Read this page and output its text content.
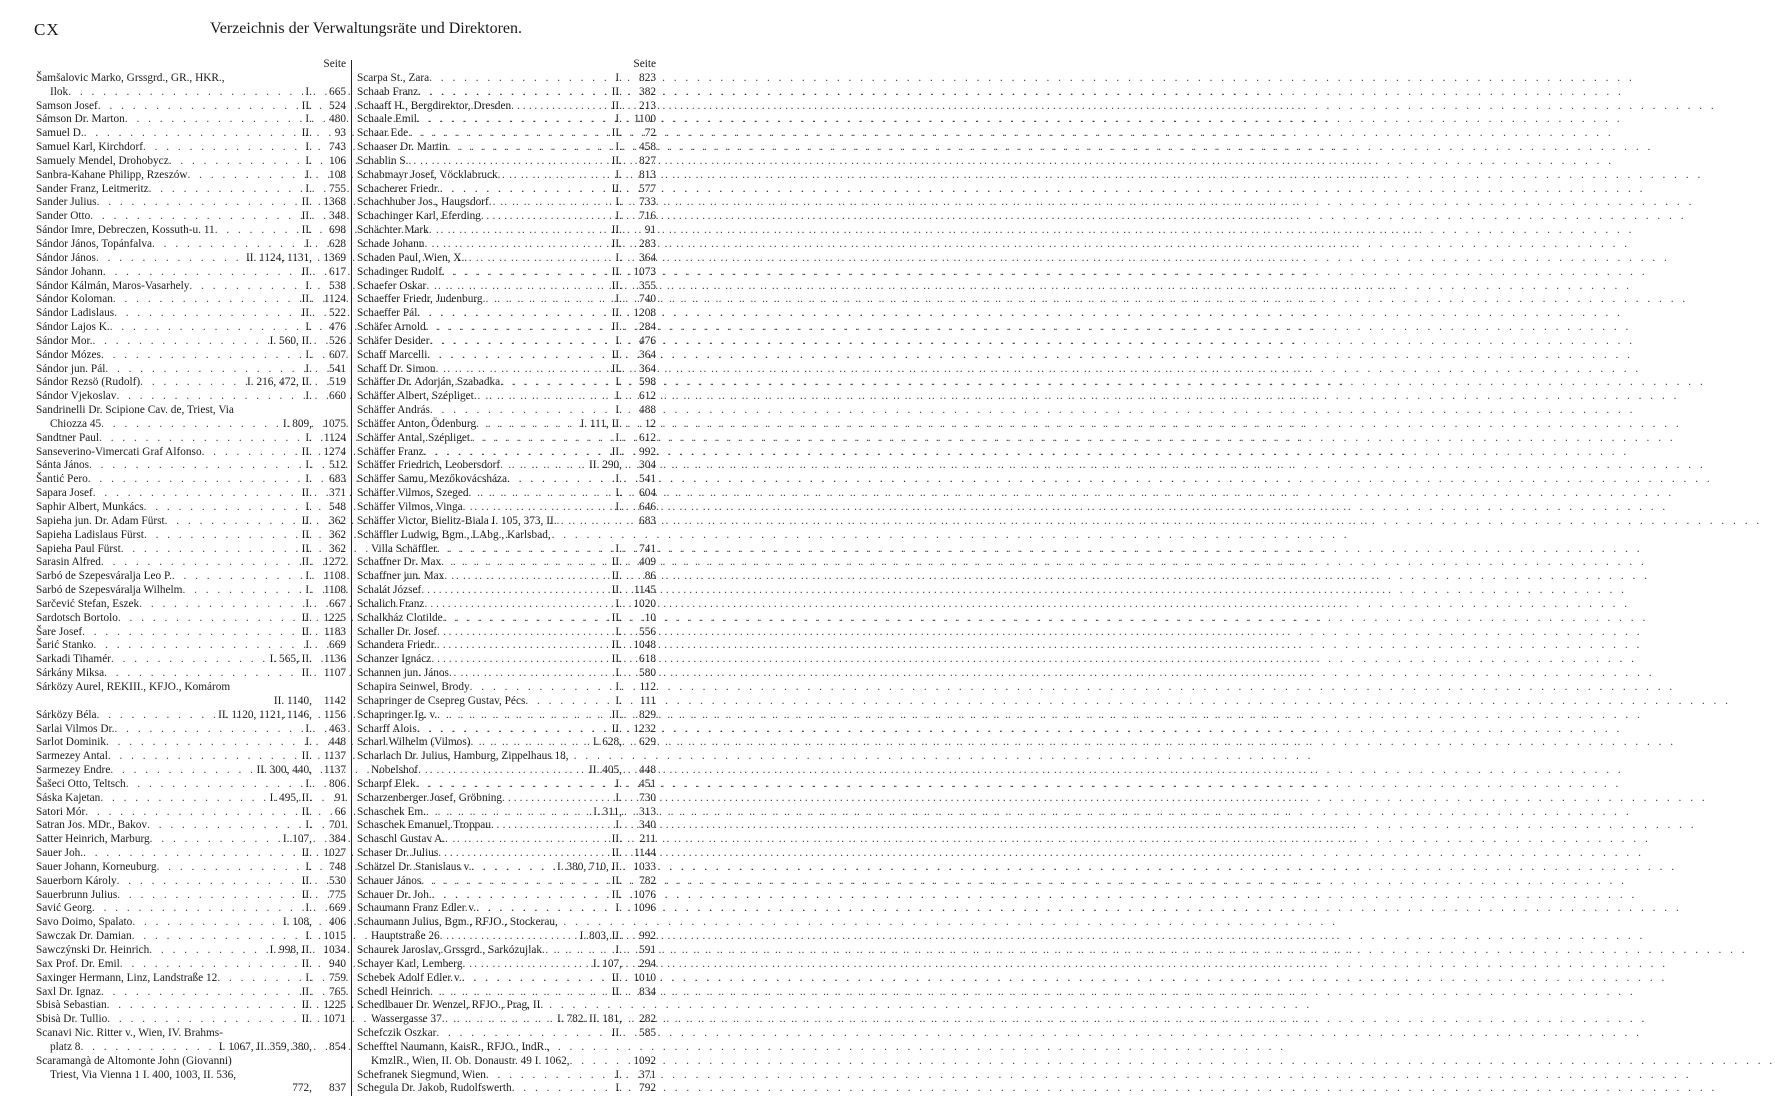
CX	Verzeichnis der Verwaltungsräte und Direktoren.
Seite
Šamšalovic Marko, Grssgrd., GR., HKR.,
Ilok . . .	I.	665
Samson Josef . . .	II.	524
Sámson Dr. Marton . . .	I.	480
Samuel D. . . .	II.	93
Samuel Karl, Kirchdorf . . .	I.	743
Samuely Mendel, Drohobycz . . .	I.	106
Sanbra-Kahane Philipp, Rzeszów . . .	I.	108
Sander Franz, Leitmeritz . . .	I.	755
Sander Julius . . .	II.	1368
Sander Otto . . .	II.	348
Sándor Imre, Debreczen, Kossuth-u. 11 . . .	II.	698
Sándor János, Topánfalva . . .	I.	628
Sándor János . . .	II. 1124, 1131,	1369
Sándor Johann . . .	II.	617
Sándor Kálmán, Maros-Vasarhely . . .	I.	538
Sándor Koloman . . .	II.	1124
Sándor Ladislaus . . .	II.	522
Sándor Lajos K. . . .	I.	476
Sándor Mor. . . .	I. 560, II.	526
Sándor Mózes . . .	I.	607
Sándor jun. Pál . . .	I.	541
Sándor Rezsö (Rudolf) . . .	I. 216, 472, II.	519
Sándor Vjekoslav . . .	I.	660
Sandrinelli Dr. Scipione Cav. de, Triest, Via
Chiozza 45 . . .	I. 809,	1075
Sandtner Paul . . .	I.	1124
Sanseverino-Vimercati Graf Alfonso . . .	II.	1274
Sánta János . . .	I.	512
Šantić Pero . . .	I.	683
Sapara Josef . . .	II.	371
Saphir Albert, Munkács . . .	I.	548
Sapieha jun. Dr. Adam Fürst . . .	II.	362
Sapieha Ladislaus Fürst . . .	II.	362
Sapieha Paul Fürst . . .	II.	362
Sarasin Alfred . . .	II.	1272
Sarbó de Szepesváralja Leo P. . . .	I.	1108
Sarbó de Szepesváralja Wilhelm . . .	I.	1108
Sarčević Stefan, Eszek . . .	I.	667
Sardotsch Bortolo . . .	II.	1225
Šare Josef . . .	II.	1183
Šarić Stanko . . .	I.	669
Sarkadi Tihamér . . .	I. 565, II.	1136
Sárkány Miksa . . .	II.	1107
Sárközy Aurel, REKIII., KFJO., Komárom
II. 1140,	1142
Sárközy Béla . . .	II. 1120, 1121, 1146,	1156
Sarlai Vilmos Dr. . . .	I.	463
Sarlot Dominik . . .	I.	448
Sarmezey Antal . . .	II.	1137
Sarmezey Endre . . .	II. 300, 440,	1137
Šašeci Otto, Teltsch . . .	I.	806
Sáska Kajetan . . .	I. 495, II.	91
Satori Mór . . .	II.	66
Satran Jos. MDr., Bakov . . .	I.	701
Satter Heinrich, Marburg . . .	I. 107,	384
Sauer Joh. . . .	II.	1027
Sauer Johann, Korneuburg . . .	I.	748
Sauerborn Károly . . .	II.	530
Sauerbrunn Julius . . .	II.	775
Savić Georg . . .	I.	669
Savo Doimo, Spalato . . .	I. 108,	406
Sawczak Dr. Damian . . .	I.	1015
Sawczýnski Dr. Heinrich . . .	I. 998, II.	1034
Sax Prof. Dr. Emil . . .	II.	940
Saxinger Hermann, Linz, Landstraße 12 . . .	I.	759
Saxl Dr. Ignaz . . .	II.	765
Sbisà Sebastian . . .	II.	1225
Sbisà Dr. Tullio . . .	II.	1071
Scanavi Nic. Ritter v., Wien, IV. Brahms-
platz 8 . . .	I. 1067, II. 359, 380,	854
Scaramangà de Altomonte John (Giovanni)
Triest, Via Vienna 1 I. 400, 1003, II. 536,
772,	837
Seite
Scarpa St., Zara . . .	I.	823
Schaab Franz . . .	II.	382
Schaaff H., Bergdirektor, Dresden . . .	II.	213
Schaale Emil . . .	I.	1100
Schaar Ede . . .	II.	72
Schaaser Dr. Martin . . .	I.	458
Schablin S. . . .	II.	827
Schabmayr Josef, Vöcklabruck . . .	I.	813
Schacherer Friedr. . . .	II.	577
Schachhuber Jos., Haugsdorf . . .	I.	733
Schachinger Karl, Eferding . . .	I.	716
Schächter Mark . . .	II.	91
Schade Johann . . .	II.	283
Schaden Paul, Wien, X. . . .	I.	364
Schadinger Rudolf . . .	II.	1073
Schaefer Oskar . . .	II.	355
Schaeffer Friedr, Judenburg . . .	I.	740
Schaeffer Pál . . .	II.	1208
Schäfer Arnold . . .	II.	284
Schäfer Desider . . .	I.	476
Schaff Marcelli . . .	II.	364
Schaff Dr. Simon . . .	II.	364
Schäffer Dr. Adorján, Szabadka . . .	I.	598
Schäffer Albert, Szépliget . . .	I.	612
Schäffer András . . .	I.	488
Schäffer Anton, Ödenburg . . .	I. 111, II.	12
Schäffer Antal, Szépliget . . .	I.	612
Schäffer Franz . . .	II.	992
Schäffer Friedrich, Leobersdorf . . .	II. 290,	304
Schäffer Samu, Mezőkovácsháza . . .	I.	541
Schäffer Vilmos, Szeged . . .	I.	604
Schäffer Vilmos, Vinga . . .	I.	646
Schäffer Victor, Bielitz-Biala I. 105, 373, II. . . .	683
Schäffler Ludwig, Bgm., LAbg., Karlsbad,
Villa Schäffler . . .	I.	741
Schaffner Dr. Max . . .	II.	409
Schaffner jun. Max . . .	II.	86
Schalát József . . .	II.	1145
Schalich Franz . . .	I.	1020
Schalkház Clotilde . . .	II.	10
Schaller Dr. Josef . . .	I.	556
Schandera Friedr. . . .	II.	1048
Schanzer Ignácz . . .	II.	618
Schannen jun. János . . .	I.	580
Schapira Seinwel, Brody . . .	I.	112
Schapringer de Csepreg Gustav, Pécs . . .	I.	111
Schapringer Ig. v. . . .	II.	829
Scharff Alois . . .	II.	1232
Scharl Wilhelm (Vilmos) . . .	I. 628,	629
Scharlach Dr. Julius, Hamburg, Zippelhaus 18,
Nobelshof . . .	II. 405,	448
Scharpf Elek . . .	I.	451
Scharzenberger Josef, Gröbning . . .	I.	730
Schaschek Em. . . .	I. 311,	313
Schaschek Emanuel, Troppau . . .	I.	340
Schaschl Gustav A. . . .	II.	211
Schaser Dr. Julius . . .	II.	1144
Schätzel Dr. Stanislaus v. . . .	I. 380, 710, II.	1033
Schauer János . . .	II.	782
Schauer Dr. Joh. . . .	II.	1076
Schaumann Franz Edler v. . . .	I.	1096
Schaumann Julius, Bgm., RFJO., Stockerau,
Hauptstraße 26 . . .	I. 803, II.	992
Schaurek Jaroslav, Grssgrd., Sarkózujlak . . .	I.	591
Schayer Karl, Lemberg . . .	I. 107,	294
Schebek Adolf Edler v. . . .	II.	1010
Schedl Heinrich . . .	II.	834
Schedlbauer Dr. Wenzel, RFJO., Prag, II.
Wassergasse 37 . . .	I. 782. II. 181,	282
Schefczik Oszkar . . .	II.	585
Schefftel Naumann, KaisR., RFJO., IndR.,
KmzlR., Wien, II. Ob. Donaustr. 49 I. 1062, . . .	1092
Schefranek Siegmund, Wien . . .	I.	371
Schegula Dr. Jakob, Rudolfswerth . . .	I.	792
